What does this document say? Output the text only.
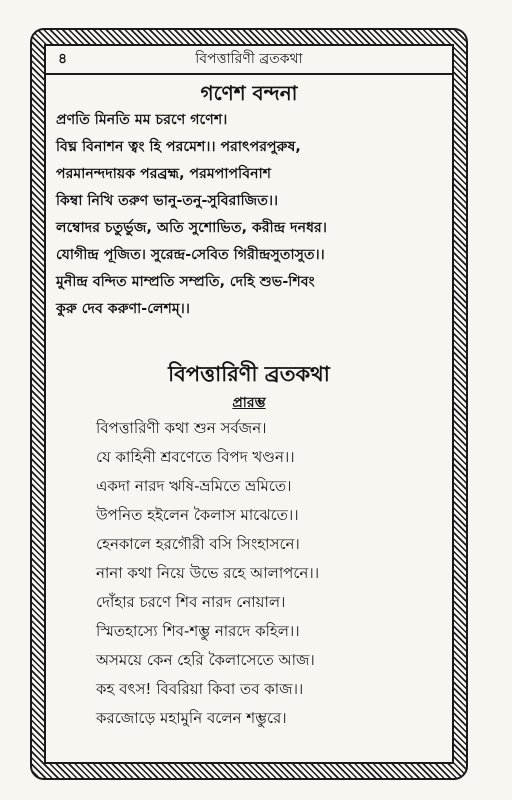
৪	বিপত্তারিণী ব্রতকথা
গণেশ বন্দনা
প্রণতি মিনতি মম চরণে গণেশ।
বিঘ্ন বিনাশন ত্বং হি পরমেশ।। পরাৎপরপুরুষ,
পরমানন্দদায়ক পরব্রহ্ম, পরমপাপবিনাশ
কিম্বা নিখি তরুণ ভানু-তনু-সুবিরাজিত।।
লম্বোদর চতুর্ভুজ, অতি সুশোভিত, করীন্দ্র দনধর।
যোগীন্দ্র পূজিত। সুরেন্দ্র-সেবিত গিরীন্দ্রসুতাসুত।।
মুনীন্দ্র বন্দিত মাম্প্রতি সম্প্রতি, দেহি শুভ-শিবং
কুরু দেব করুণা-লেশম্।।
বিপত্তারিণী ব্রতকথা
প্রারম্ভ
বিপত্তারিণী কথা শুন সর্বজন।
যে কাহিনী শ্রবণেতে বিপদ খণ্ডন।।
একদা নারদ ঋষি-ভ্রমিতে ভ্রমিতে।
উপনিত হইলেন কৈলাস মাঝেতে।।
হেনকালে হরগৌরী বসি সিংহাসনে।
নানা কথা নিয়ে উভে রহে আলাপনে।।
দোঁহার চরণে শিব নারদ নোয়াল।
স্মিতহাস্যে শিব-শম্ভু নারদে কহিল।।
অসময়ে কেন হেরি কৈলাসেতে আজ।
কহ বৎস! বিবরিয়া কিবা তব কাজ।।
করজোড়ে মহামুনি বলেন শম্ভুরে।
